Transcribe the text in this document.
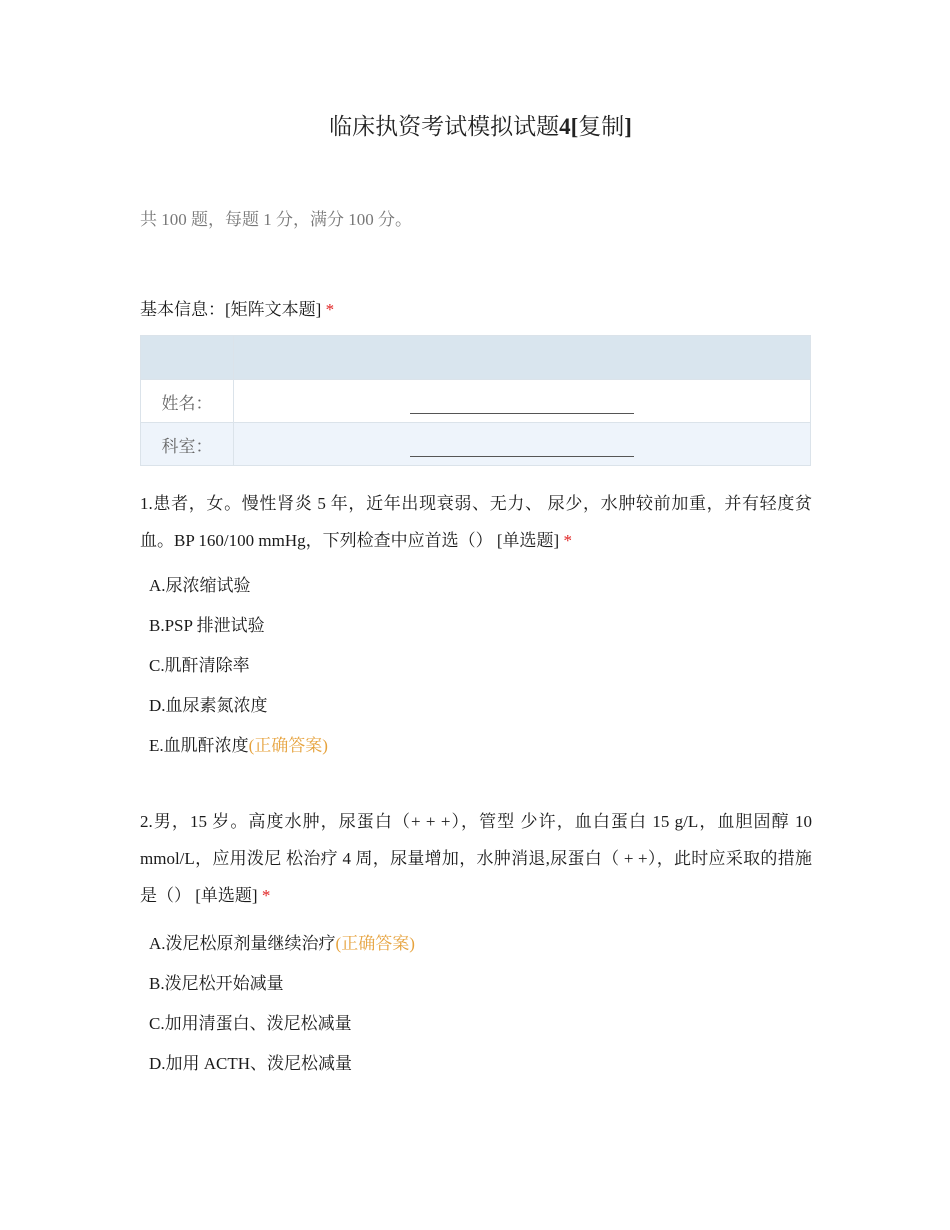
临床执资考试模拟试题4[复制]
共 100 题，每题 1 分，满分 100 分。
基本信息：[矩阵文本题] *

姓名：	
科室：	
1.患者，女。慢性肾炎 5 年，近年出现衰弱、无力、 尿少，水肿较前加重，并有轻度贫血。BP 160/100 mmHg，下列检查中应首选（） [单选题] *
A.尿浓缩试验
B.PSP 排泄试验
C.肌酐清除率
D.血尿素氮浓度
E.血肌酐浓度(正确答案)
2.男，15 岁。高度水肿，尿蛋白（+ + +），管型 少许，血白蛋白 15 g/L，血胆固醇 10 mmol/L，应用泼尼 松治疗 4 周，尿量增加，水肿消退,尿蛋白（ + +），此时应采取的措施是（） [单选题] *
A.泼尼松原剂量继续治疗(正确答案)
B.泼尼松开始减量
C.加用清蛋白、泼尼松减量
D.加用 ACTH、泼尼松减量
